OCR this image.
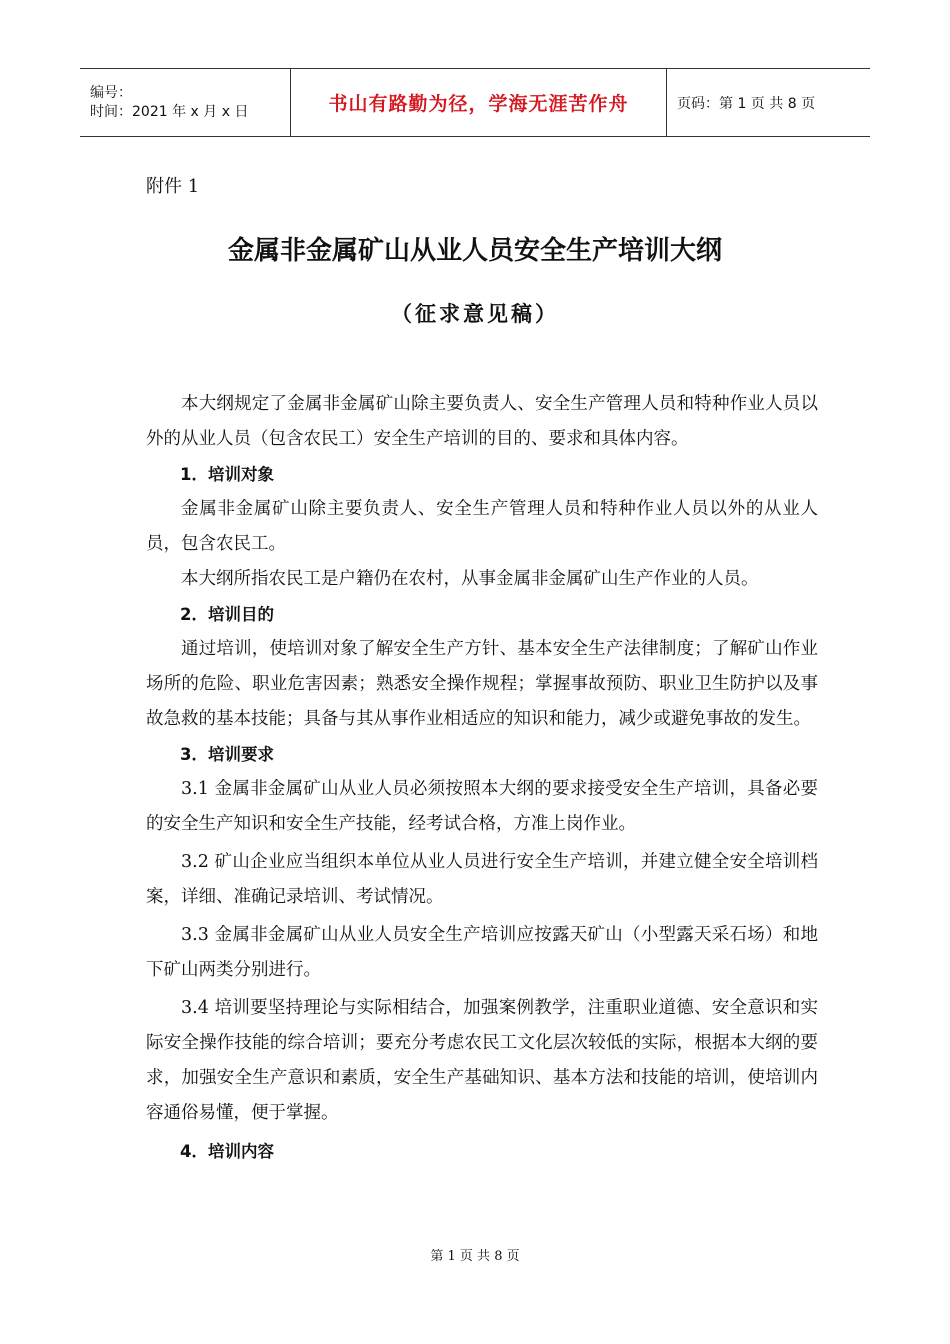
编号：
时间：2021 年 x 月 x 日	书山有路勤为径，学海无涯苦作舟	页码：第 1 页 共 8 页
附件 1
金属非金属矿山从业人员安全生产培训大纲
（征求意见稿）

本大纲规定了金属非金属矿山除主要负责人、安全生产管理人员和特种作业人员以外的从业人员（包含农民工）安全生产培训的目的、要求和具体内容。

1．培训对象

金属非金属矿山除主要负责人、安全生产管理人员和特种作业人员以外的从业人员，包含农民工。

本大纲所指农民工是户籍仍在农村，从事金属非金属矿山生产作业的人员。

2．培训目的

通过培训，使培训对象了解安全生产方针、基本安全生产法律制度；了解矿山作业场所的危险、职业危害因素；熟悉安全操作规程；掌握事故预防、职业卫生防护以及事故急救的基本技能；具备与其从事作业相适应的知识和能力，减少或避免事故的发生。

3．培训要求

3.1 金属非金属矿山从业人员必须按照本大纲的要求接受安全生产培训，具备必要的安全生产知识和安全生产技能，经考试合格，方准上岗作业。

3.2 矿山企业应当组织本单位从业人员进行安全生产培训，并建立健全安全培训档案，详细、准确记录培训、考试情况。

3.3 金属非金属矿山从业人员安全生产培训应按露天矿山（小型露天采石场）和地下矿山两类分别进行。

3.4 培训要坚持理论与实际相结合，加强案例教学，注重职业道德、安全意识和实际安全操作技能的综合培训；要充分考虑农民工文化层次较低的实际，根据本大纲的要求，加强安全生产意识和素质，安全生产基础知识、基本方法和技能的培训，使培训内容通俗易懂，便于掌握。

4．培训内容

第 1 页 共 8 页
